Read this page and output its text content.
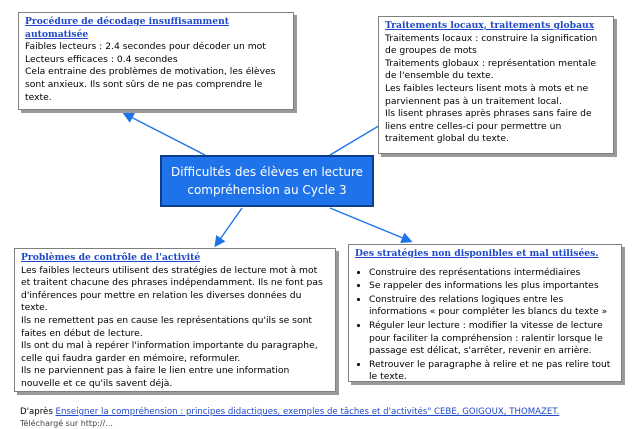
Procédure de décodage insuffisamment automatisée

Faibles lecteurs : 2.4 secondes pour décoder un mot

Lecteurs efficaces : 0.4 secondes

Cela entraine des problèmes de motivation, les élèves sont anxieux. Ils sont sûrs de ne pas comprendre le texte.

Traitements locaux, traitements globaux

Traitements locaux : construire la signification de groupes de mots

Traitements globaux : représentation mentale de l'ensemble du texte.

Les faibles lecteurs lisent mots à mots et ne parviennent pas à un traitement local.

Ils lisent phrases après phrases sans faire de liens entre celles-ci pour permettre un traitement global du texte.

Difficultés des élèves en lecture
compréhension au Cycle 3
Problèmes de contrôle de l'activité

Les faibles lecteurs utilisent des stratégies de lecture mot à mot et traitent chacune des phrases indépendamment. Ils ne font pas d'inférences pour mettre en relation les diverses données du texte.

Ils ne remettent pas en cause les représentations qu'ils se sont faites en début de lecture.

Ils ont du mal à repérer l'information importante du paragraphe, celle qui faudra garder en mémoire, reformuler.

Ils ne parviennent pas à faire le lien entre une information nouvelle et ce qu'ils savent déjà.

Des stratégies non disponibles et mal utilisées.
• Construire des représentations intermédiaires
• Se rappeler des informations les plus importantes
• Construire des relations logiques entre les informations « pour compléter les blancs du texte »
• Réguler leur lecture : modifier la vitesse de lecture pour faciliter la compréhension : ralentir lorsque le passage est délicat, s'arrêter, revenir en arrière.
• Retrouver le paragraphe à relire et ne pas relire tout le texte.
D'après Enseigner la compréhension : principes didactiques, exemples de tâches et d'activités" CEBE, GOIGOUX, THOMAZET.
Téléchargé sur http://...
